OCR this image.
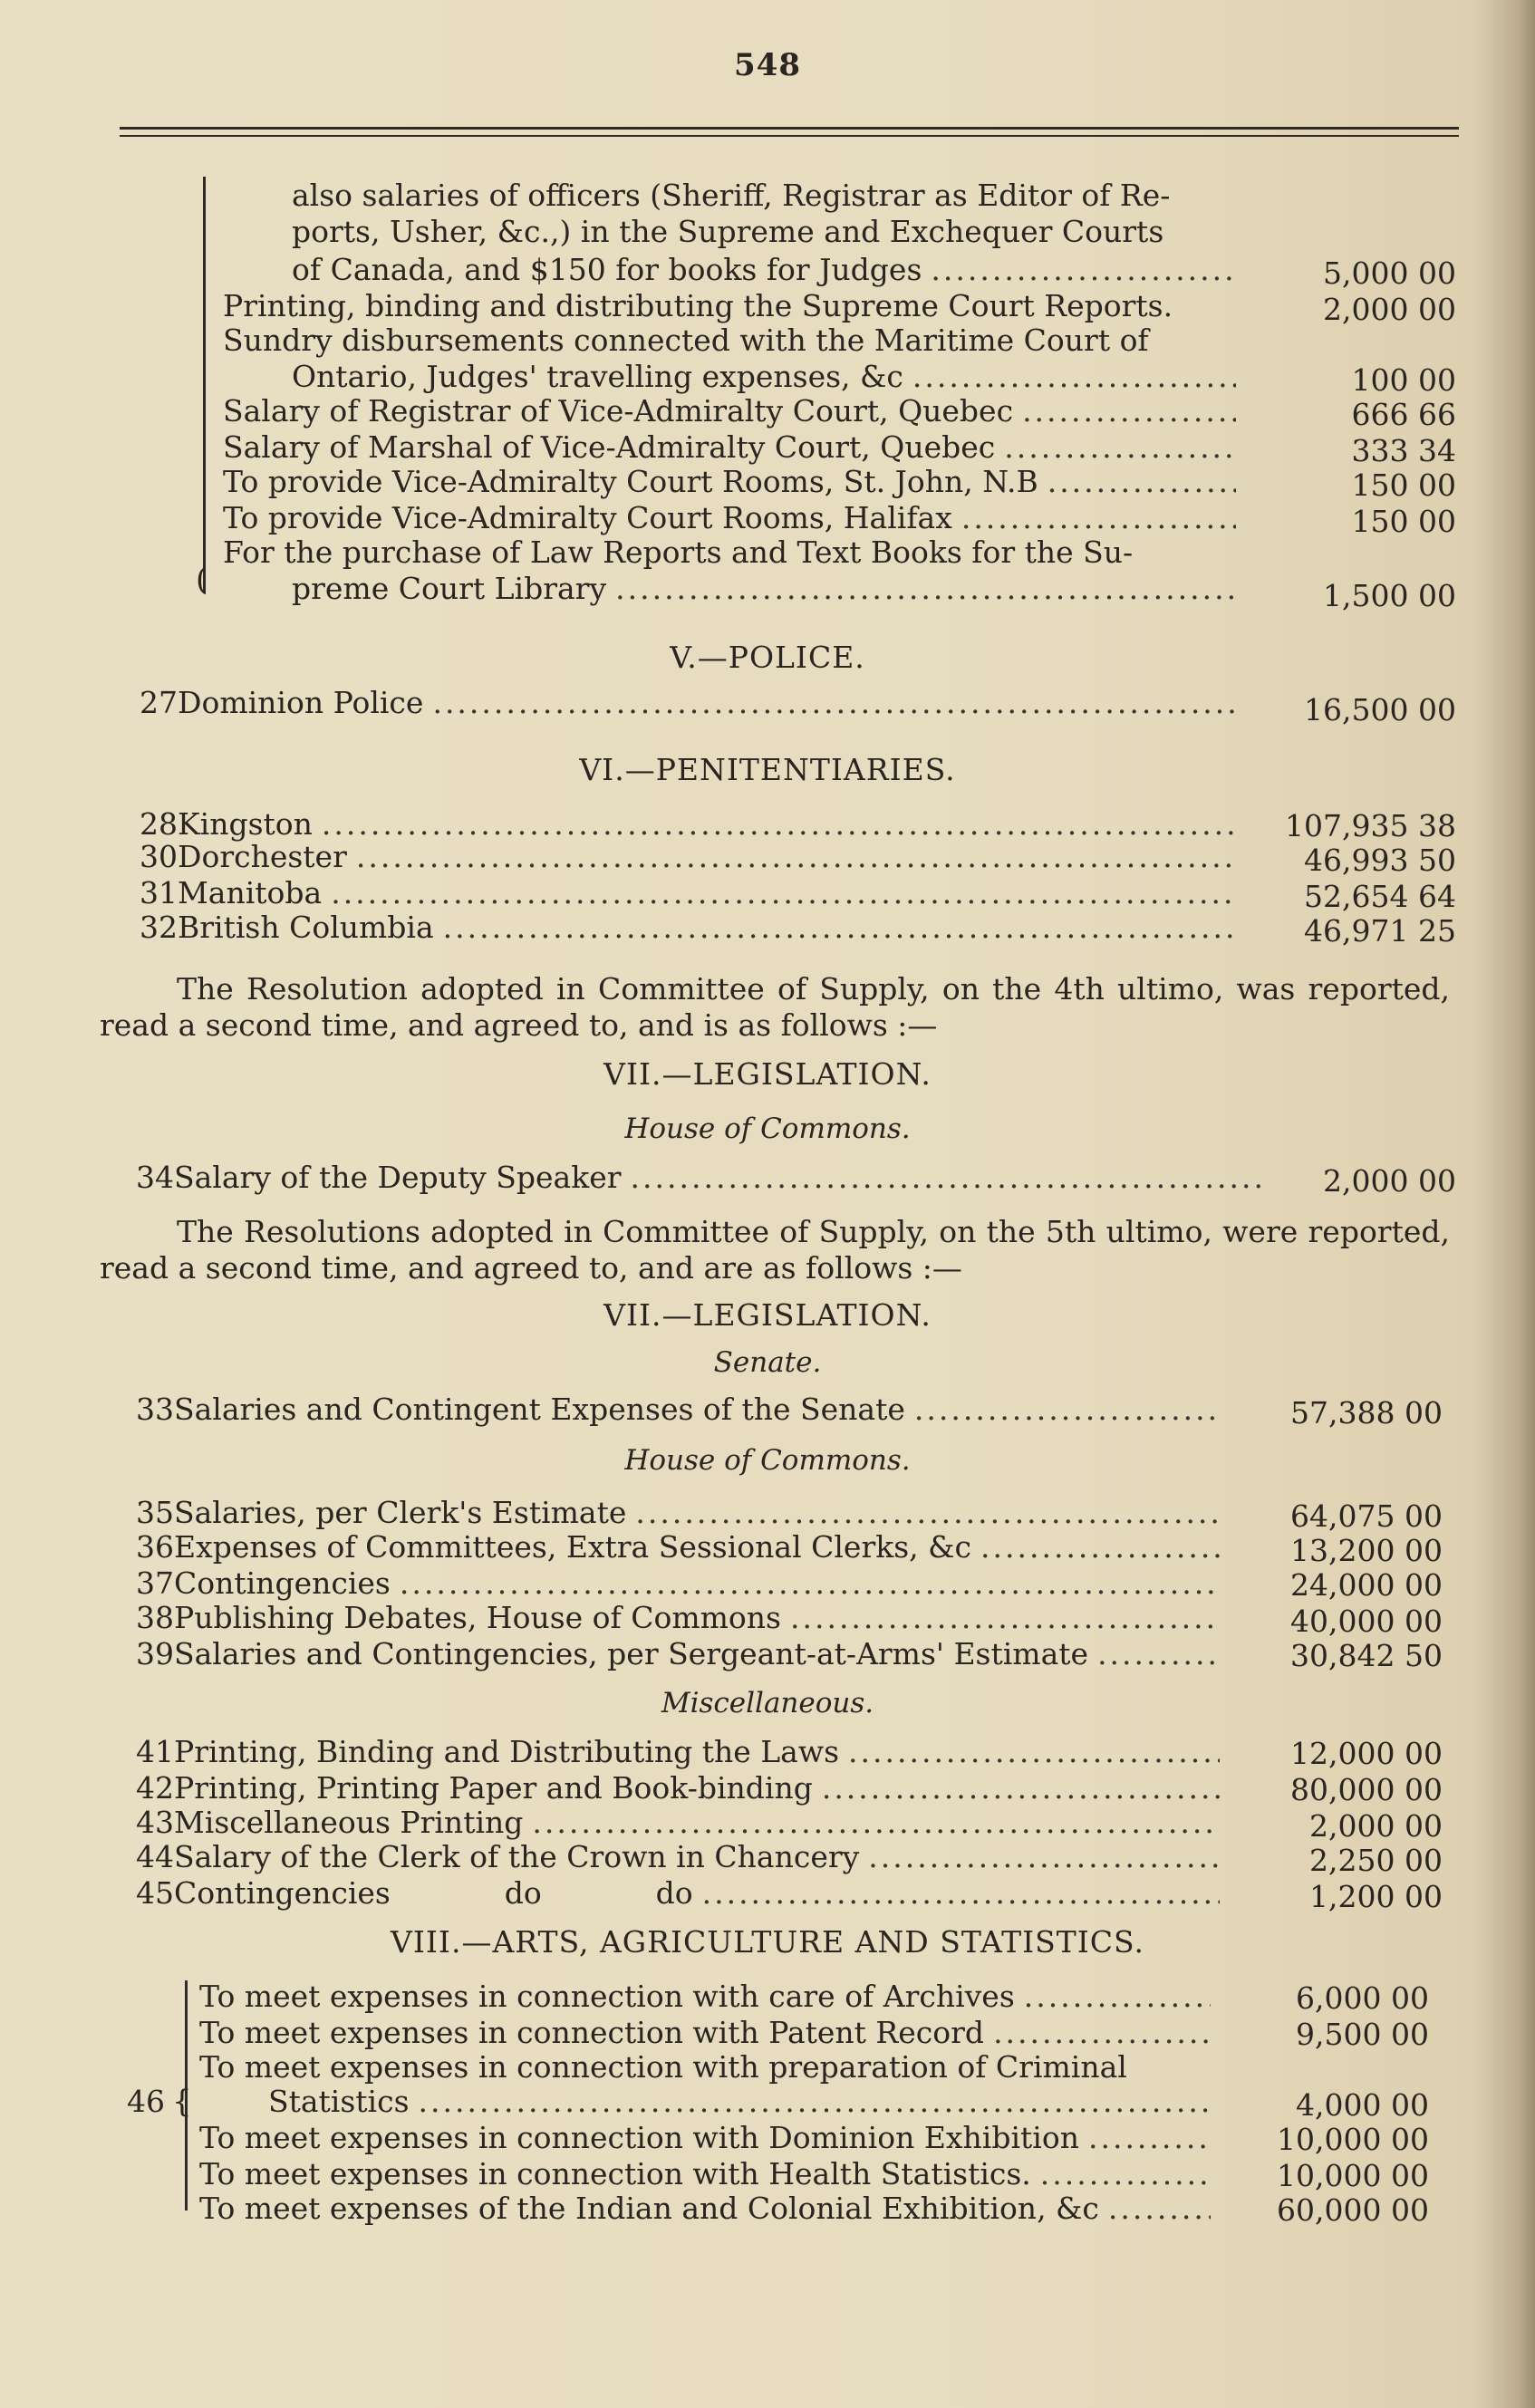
548
(
also salaries of officers (Sheriff, Registrar as Editor of Re-
ports, Usher, &c.,) in the Supreme and Exchequer Courts
of Canada, and $150 for books for Judges .....	5,000 00
Printing, binding and distributing the Supreme Court Reports.	2,000 00
Sundry disbursements connected with the Maritime Court of
Ontario, Judges' travelling expenses, &c .....	100 00
Salary of Registrar of Vice-Admiralty Court, Quebec .....	666 66
Salary of Marshal of Vice-Admiralty Court, Quebec .....	333 34
To provide Vice-Admiralty Court Rooms, St. John, N.B .....	150 00
To provide Vice-Admiralty Court Rooms, Halifax .....	150 00
For the purchase of Law Reports and Text Books for the Su-
preme Court Library .....	1,500 00
V.—POLICE.
27 Dominion Police .....	16,500 00
VI.—PENITENTIARIES.
28 Kingston .....	107,935 38
30 Dorchester .....	46,993 50
31 Manitoba .....	52,654 64
32 British Columbia .....	46,971 25
The Resolution adopted in Committee of Supply, on the 4th ultimo, was reported,
read a second time, and agreed to, and is as follows :—
VII.—LEGISLATION.
House of Commons.
34 Salary of the Deputy Speaker .....	2,000 00
The Resolutions adopted in Committee of Supply, on the 5th ultimo, were reported,
read a second time, and agreed to, and are as follows :—
VII.—LEGISLATION.
Senate.
33 Salaries and Contingent Expenses of the Senate .....	57,388 00
House of Commons.
35 Salaries, per Clerk's Estimate .....	64,075 00
36 Expenses of Committees, Extra Sessional Clerks, &c .....	13,200 00
37 Contingencies .....	24,000 00
38 Publishing Debates, House of Commons .....	40,000 00
39 Salaries and Contingencies, per Sergeant-at-Arms' Estimate .....	30,842 50
Miscellaneous.
41 Printing, Binding and Distributing the Laws .....	12,000 00
42 Printing, Printing Paper and Book-binding .....	80,000 00
43 Miscellaneous Printing .....	2,000 00
44 Salary of the Clerk of the Crown in Chancery .....	2,250 00
45 Contingencies            do            do .....	1,200 00
VIII.—ARTS, AGRICULTURE AND STATISTICS.
{
46
To meet expenses in connection with care of Archives .....	6,000 00
To meet expenses in connection with Patent Record .....	9,500 00
To meet expenses in connection with preparation of Criminal
Statistics .....	4,000 00
To meet expenses in connection with Dominion Exhibition .....	10,000 00
To meet expenses in connection with Health Statistics. .....	10,000 00
To meet expenses of the Indian and Colonial Exhibition, &c .....	60,000 00
